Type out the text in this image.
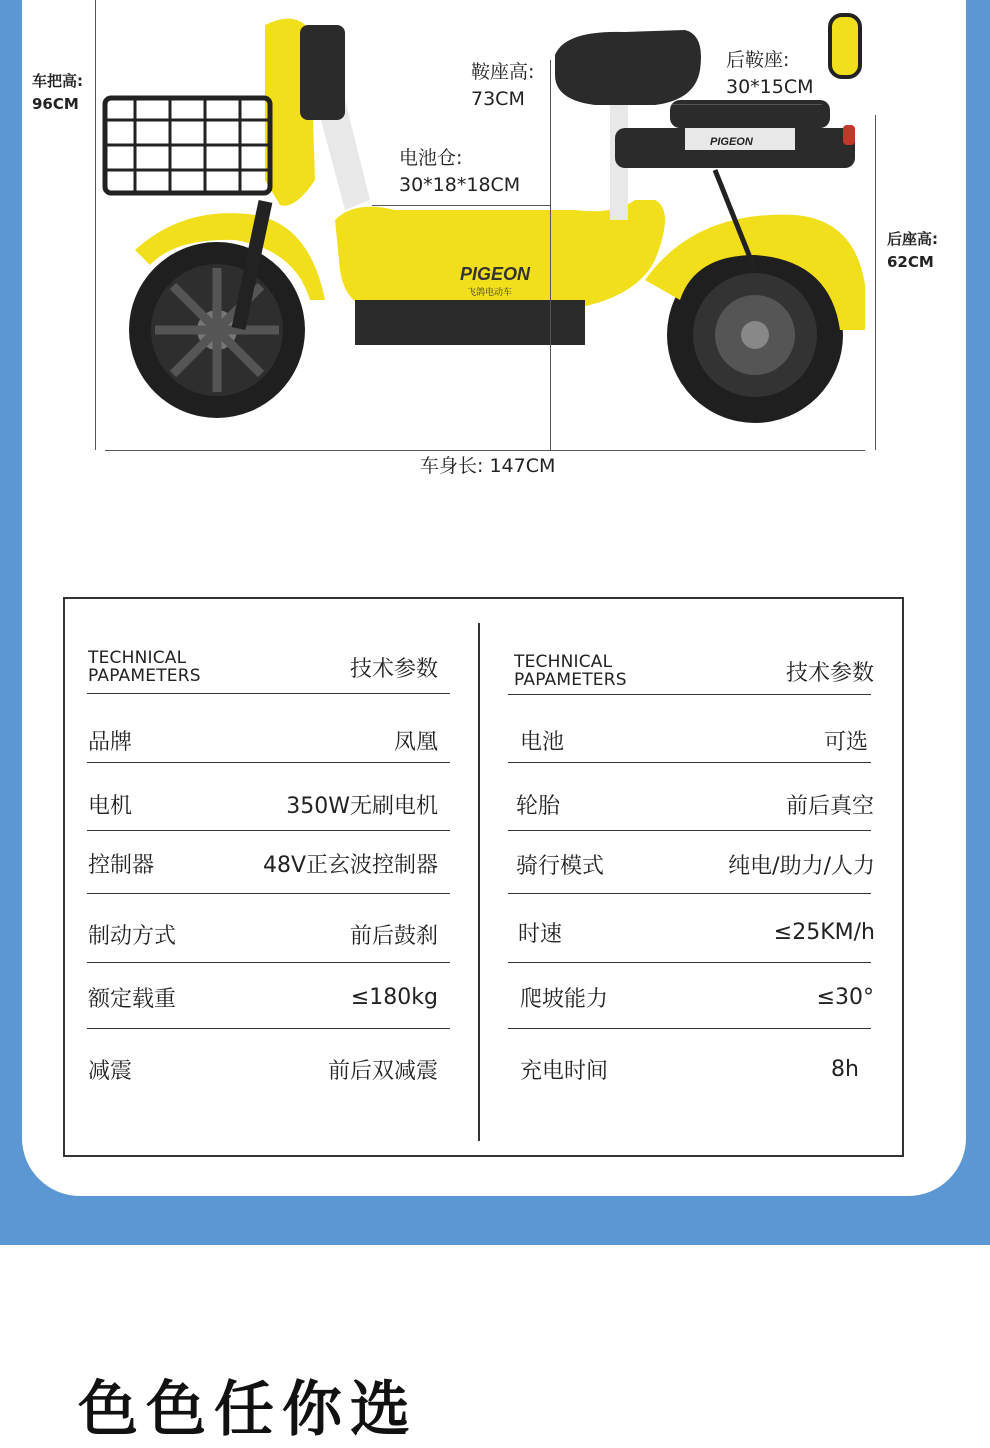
PIGEON
飞鸽电动车
PIGEON
车把高:
96CM
鞍座高:
73CM
后鞍座:
30*15CM
电池仓:
30*18*18CM
后座高:
62CM
车身长: 147CM
TECHNICAL
PAPAMETERS	技术参数
品牌	凤凰
电机	350W无刷电机
控制器	48V正玄波控制器
制动方式	前后鼓刹
额定载重	≤180kg
减震	前后双减震
TECHNICAL
PAPAMETERS	技术参数
电池	可选
轮胎	前后真空
骑行模式	纯电/助力/人力
时速	≤25KM/h
爬坡能力	≤30°
充电时间	8h
色色任你选
